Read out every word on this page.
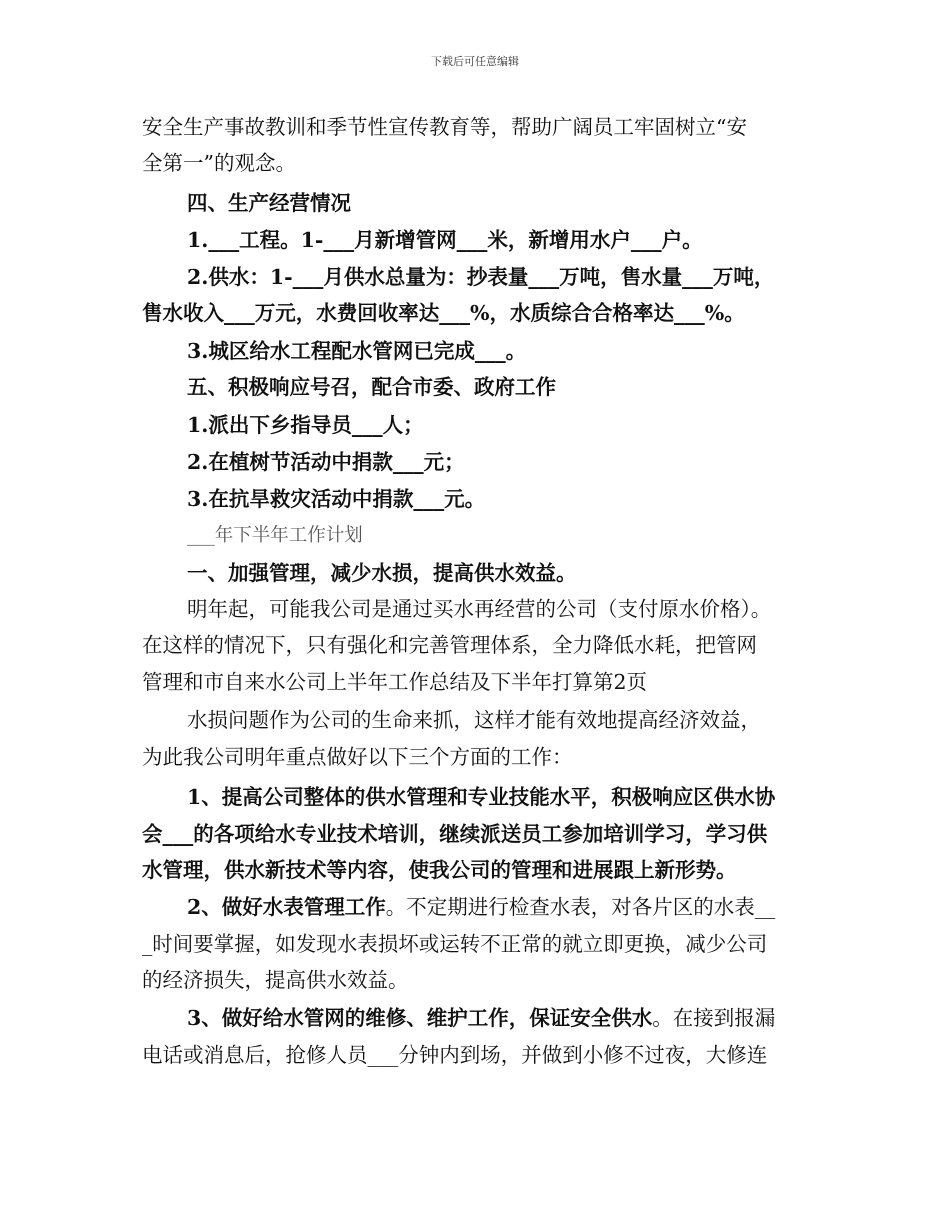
下载后可任意编辑
安全生产事故教训和季节性宣传教育等，帮助广阔员工牢固树立“安
全第一”的观念。
四、生产经营情况
1.___工程。1-___月新增管网___米，新增用水户___户。
2.供水：1-___月供水总量为：抄表量___万吨，售水量___万吨，
售水收入___万元，水费回收率达___%，水质综合合格率达___%。
3.城区给水工程配水管网已完成___。
五、积极响应号召，配合市委、政府工作
1.派出下乡指导员___人；
2.在植树节活动中捐款___元；
3.在抗旱救灾活动中捐款___元。
___年下半年工作计划
一、加强管理，减少水损，提高供水效益。
明年起，可能我公司是通过买水再经营的公司（支付原水价格）。
在这样的情况下，只有强化和完善管理体系，全力降低水耗，把管网
管理和市自来水公司上半年工作总结及下半年打算第2页
水损问题作为公司的生命来抓，这样才能有效地提高经济效益，
为此我公司明年重点做好以下三个方面的工作：
1、提高公司整体的供水管理和专业技能水平，积极响应区供水协
会___的各项给水专业技术培训，继续派送员工参加培训学习，学习供
水管理，供水新技术等内容，使我公司的管理和进展跟上新形势。
2、做好水表管理工作。不定期进行检查水表，对各片区的水表__
_时间要掌握，如发现水表损坏或运转不正常的就立即更换，减少公司
的经济损失，提高供水效益。
3、做好给水管网的维修、维护工作，保证安全供水。在接到报漏
电话或消息后，抢修人员___分钟内到场，并做到小修不过夜，大修连
